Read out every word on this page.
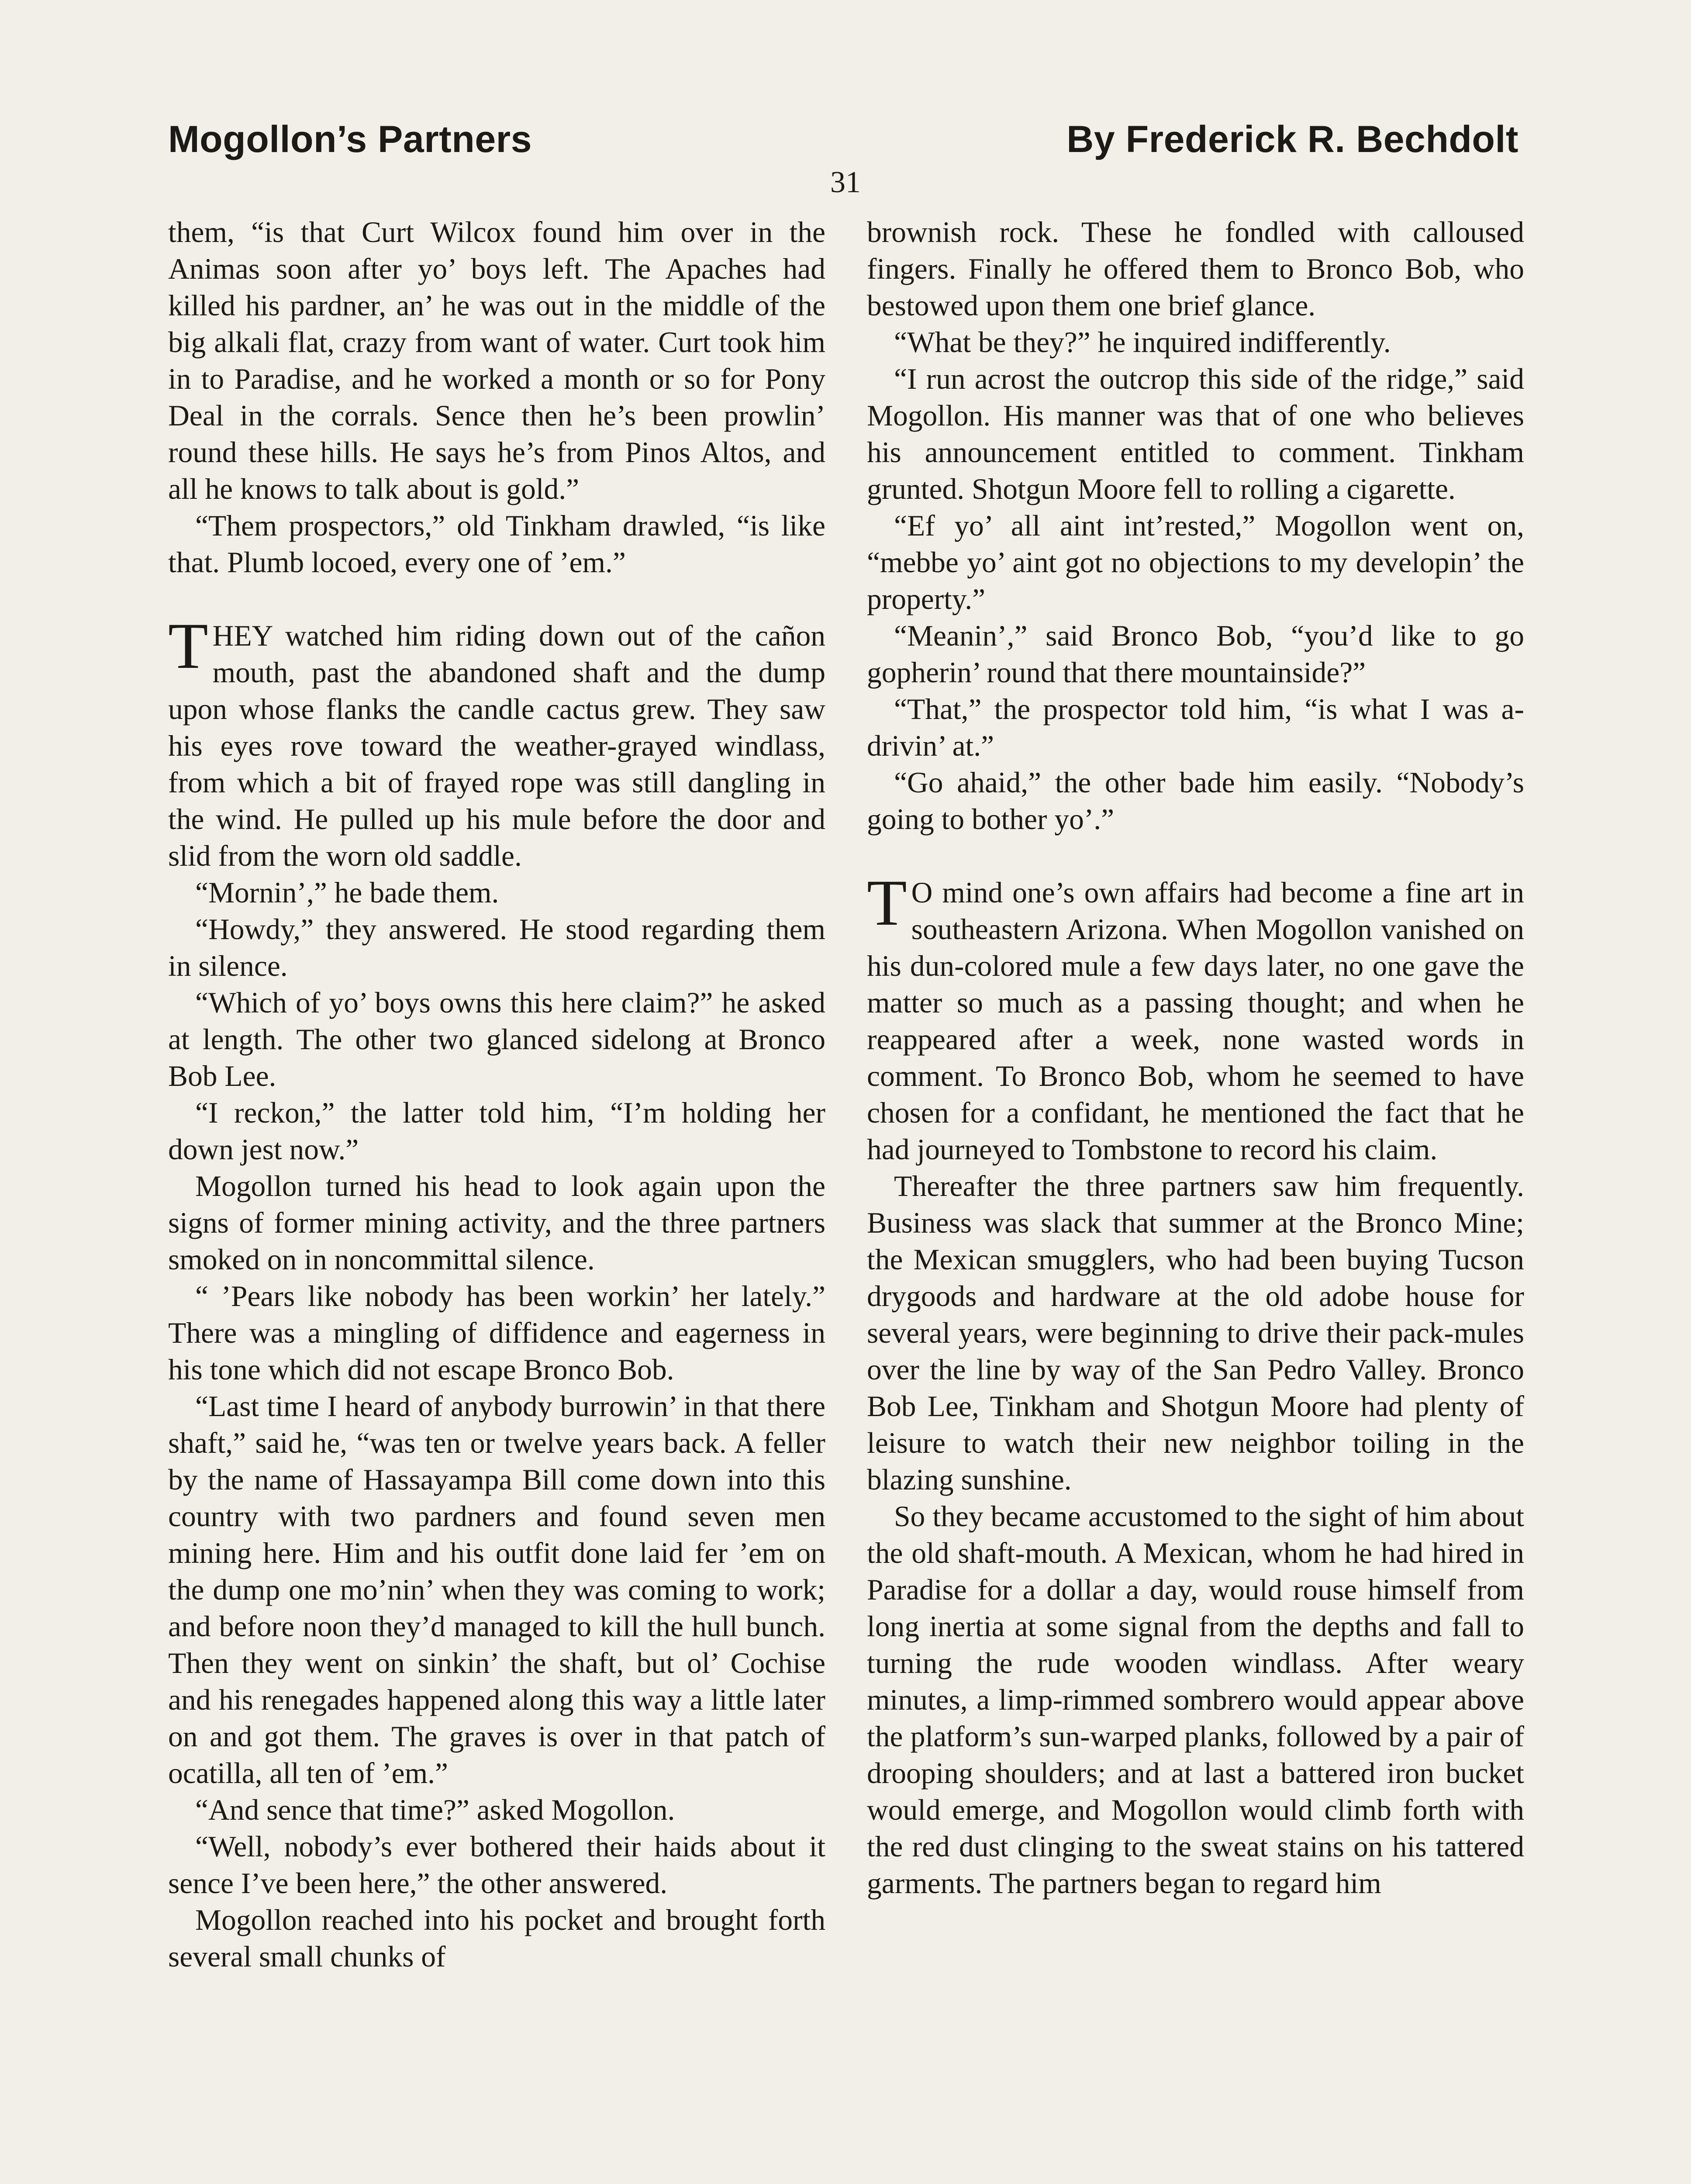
Mogollon’s Partners	By Frederick R. Bechdolt
31

them, “is that Curt Wilcox found him over in the Animas soon after yo’ boys left. The Apaches had killed his pardner, an’ he was out in the middle of the big alkali flat, crazy from want of water. Curt took him in to Paradise, and he worked a month or so for Pony Deal in the corrals. Sence then he’s been prowlin’ round these hills. He says he’s from Pinos Altos, and all he knows to talk about is gold.”

“Them prospectors,” old Tinkham drawled, “is like that. Plumb locoed, every one of ’em.”

THEY watched him riding down out of the cañon mouth, past the abandoned shaft and the dump upon whose flanks the candle cactus grew. They saw his eyes rove toward the weather-grayed windlass, from which a bit of frayed rope was still dangling in the wind. He pulled up his mule before the door and slid from the worn old saddle.

“Mornin’,” he bade them.

“Howdy,” they answered. He stood regarding them in silence.

“Which of yo’ boys owns this here claim?” he asked at length. The other two glanced sidelong at Bronco Bob Lee.

“I reckon,” the latter told him, “I’m holding her down jest now.”

Mogollon turned his head to look again upon the signs of former mining activity, and the three partners smoked on in noncommittal silence.

“ ’Pears like nobody has been workin’ her lately.” There was a mingling of diffidence and eagerness in his tone which did not escape Bronco Bob.

“Last time I heard of anybody burrowin’ in that there shaft,” said he, “was ten or twelve years back. A feller by the name of Hassayampa Bill come down into this country with two pardners and found seven men mining here. Him and his outfit done laid fer ’em on the dump one mo’nin’ when they was coming to work; and before noon they’d managed to kill the hull bunch. Then they went on sinkin’ the shaft, but ol’ Cochise and his renegades happened along this way a little later on and got them. The graves is over in that patch of ocatilla, all ten of ’em.”

“And sence that time?” asked Mogollon.

“Well, nobody’s ever bothered their haids about it sence I’ve been here,” the other answered.

Mogollon reached into his pocket and brought forth several small chunks of

brownish rock. These he fondled with calloused fingers. Finally he offered them to Bronco Bob, who bestowed upon them one brief glance.

“What be they?” he inquired indifferently.

“I run acrost the outcrop this side of the ridge,” said Mogollon. His manner was that of one who believes his announcement entitled to comment. Tinkham grunted. Shotgun Moore fell to rolling a cigarette.

“Ef yo’ all aint int’rested,” Mogollon went on, “mebbe yo’ aint got no objections to my developin’ the property.”

“Meanin’,” said Bronco Bob, “you’d like to go gopherin’ round that there mountainside?”

“That,” the prospector told him, “is what I was a-drivin’ at.”

“Go ahaid,” the other bade him easily. “Nobody’s going to bother yo’.”

T O mind one’s own affairs had become a fine art in southeastern Arizona. When Mogollon vanished on his dun-colored mule a few days later, no one gave the matter so much as a passing thought; and when he reappeared after a week, none wasted words in comment. To Bronco Bob, whom he seemed to have chosen for a confidant, he mentioned the fact that he had journeyed to Tombstone to record his claim.

Thereafter the three partners saw him frequently. Business was slack that summer at the Bronco Mine; the Mexican smugglers, who had been buying Tucson drygoods and hardware at the old adobe house for several years, were beginning to drive their pack-mules over the line by way of the San Pedro Valley. Bronco Bob Lee, Tinkham and Shotgun Moore had plenty of leisure to watch their new neighbor toiling in the blazing sunshine.

So they became accustomed to the sight of him about the old shaft-mouth. A Mexican, whom he had hired in Paradise for a dollar a day, would rouse himself from long inertia at some signal from the depths and fall to turning the rude wooden windlass. After weary minutes, a limp-rimmed sombrero would appear above the platform’s sun-warped planks, followed by a pair of drooping shoulders; and at last a battered iron bucket would emerge, and Mogollon would climb forth with the red dust clinging to the sweat stains on his tattered garments. The partners began to regard him
